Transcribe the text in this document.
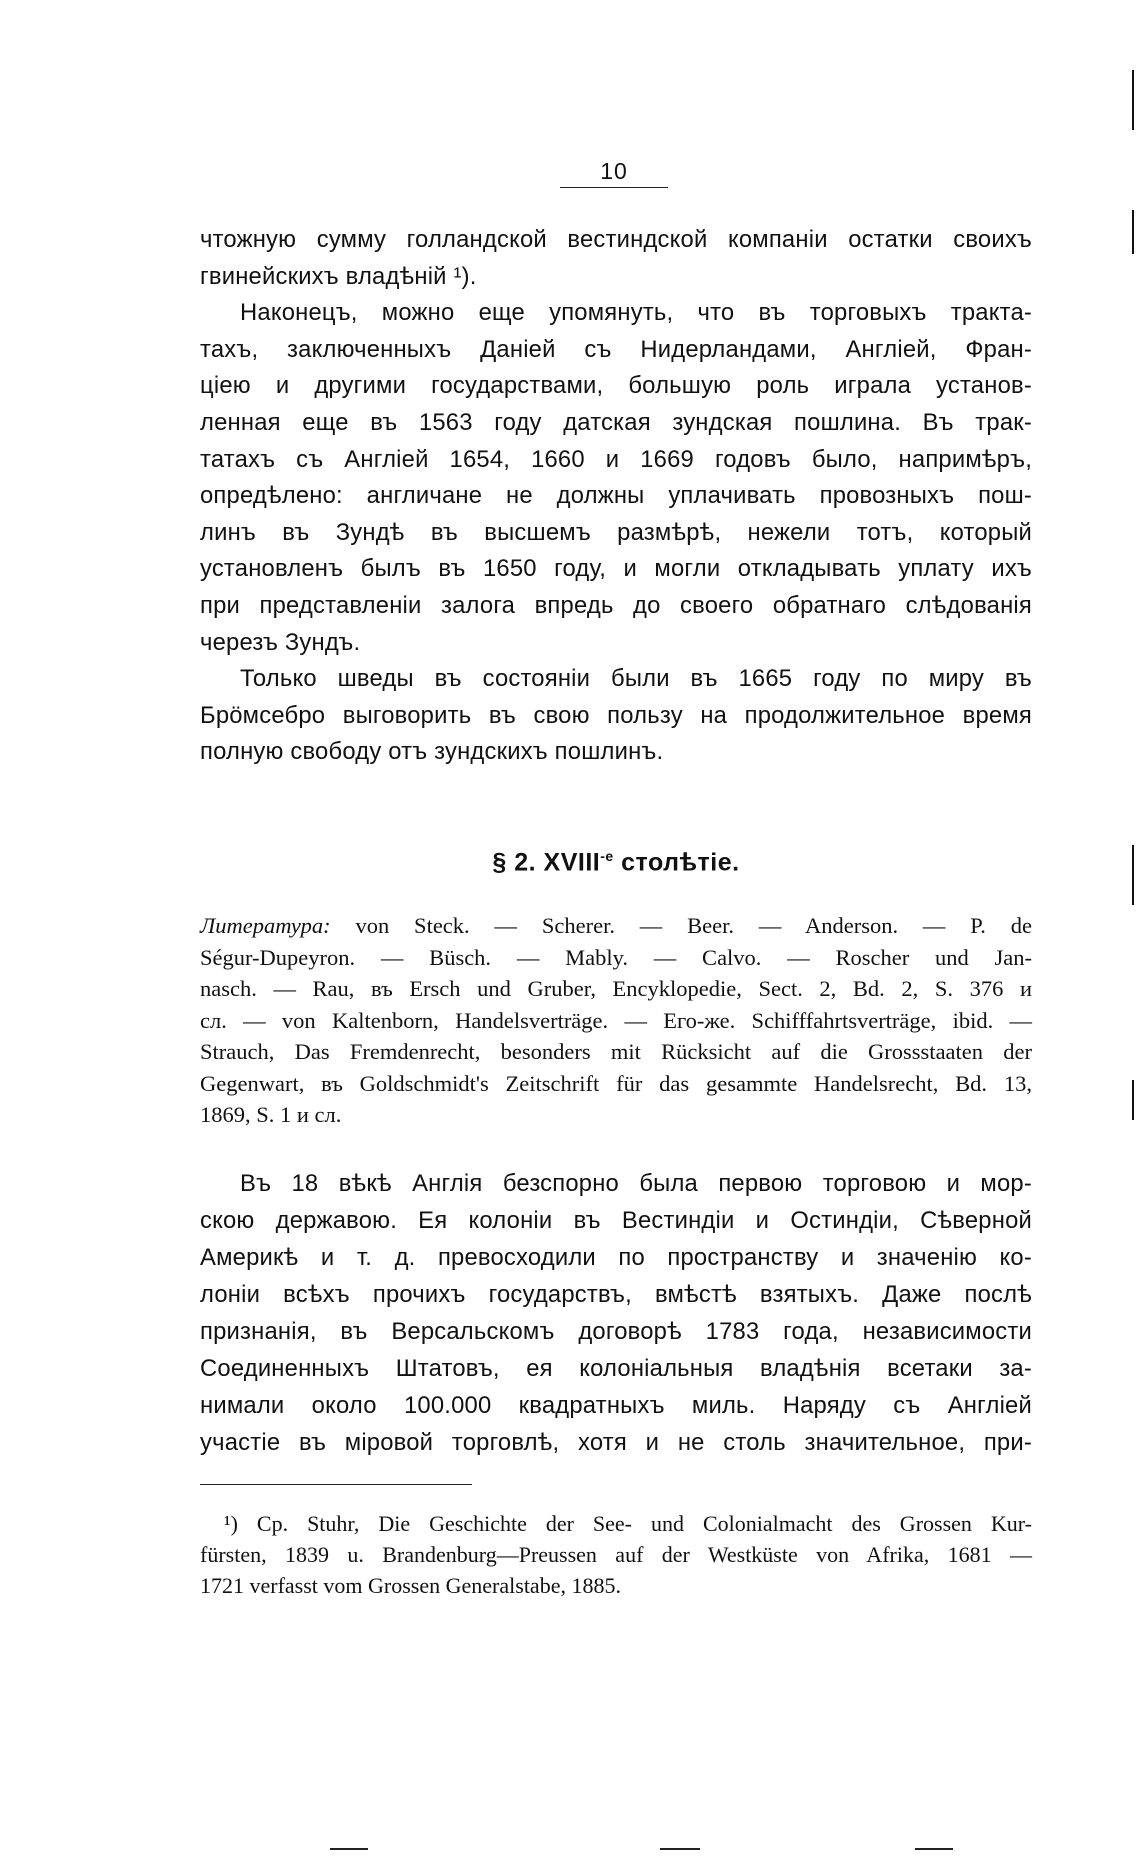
10
чтожную сумму голландской вестиндской компаніи остатки своихъ
гвинейскихъ владѣній ¹).
Наконецъ, можно еще упомянуть, что въ торговыхъ тракта-
тахъ, заключенныхъ Даніей съ Нидерландами, Англіей, Фран-
ціею и другими государствами, большую роль играла установ-
ленная еще въ 1563 году датская зундская пошлина. Въ трак-
татахъ съ Англіей 1654, 1660 и 1669 годовъ было, напримѣръ,
опредѣлено: англичане не должны уплачивать провозныхъ пош-
линъ въ Зундѣ въ высшемъ размѣрѣ, нежели тотъ, который
установленъ былъ въ 1650 году, и могли откладывать уплату ихъ
при представленіи залога впредь до своего обратнаго слѣдованія
черезъ Зундъ.
Только шведы въ состояніи были въ 1665 году по миру въ
Брöмсебро выговорить въ свою пользу на продолжительное время
полную свободу отъ зундскихъ пошлинъ.
§ 2. $XVIII^{-е}$ столѣтіе.
Литература: von Steck. — Scherer. — Beer. — Anderson. — P. de
Ségur-Dupeyron. — Büsch. — Mably. — Calvo. — Roscher und Jan-
nasch. — Rau, въ Ersch und Gruber, Encyklopedie, Sect. 2, Bd. 2, S. 376 и
сл. — von Kaltenborn, Handelsverträge. — Его-же. Schifffahrtsverträge, ibid. —
Strauch, Das Fremdenrecht, besonders mit Rücksicht auf die Grossstaaten der
Gegenwart, въ Goldschmidt's Zeitschrift für das gesammte Handelsrecht, Bd. 13,
1869, S. 1 и сл.
Въ 18 вѣкѣ Англія безспорно была первою торговою и мор-
скою державою. Ея колоніи въ Вестиндіи и Остиндіи, Сѣверной
Америкѣ и т. д. превосходили по пространству и значенію ко-
лоніи всѣхъ прочихъ государствъ, вмѣстѣ взятыхъ. Даже послѣ
признанія, въ Версальскомъ договорѣ 1783 года, независимости
Соединенныхъ Штатовъ, ея колоніальныя владѣнія всетаки за-
нимали около 100.000 квадратныхъ миль. Наряду съ Англіей
участіе въ міровой торговлѣ, хотя и не столь значительное, при-
¹) Ср. Stuhr, Die Geschichte der See- und Colonialmacht des Grossen Kur-
fürsten, 1839 u. Brandenburg—Preussen auf der Westküste von Afrika, 1681 —
1721 verfasst vom Grossen Generalstabe, 1885.
